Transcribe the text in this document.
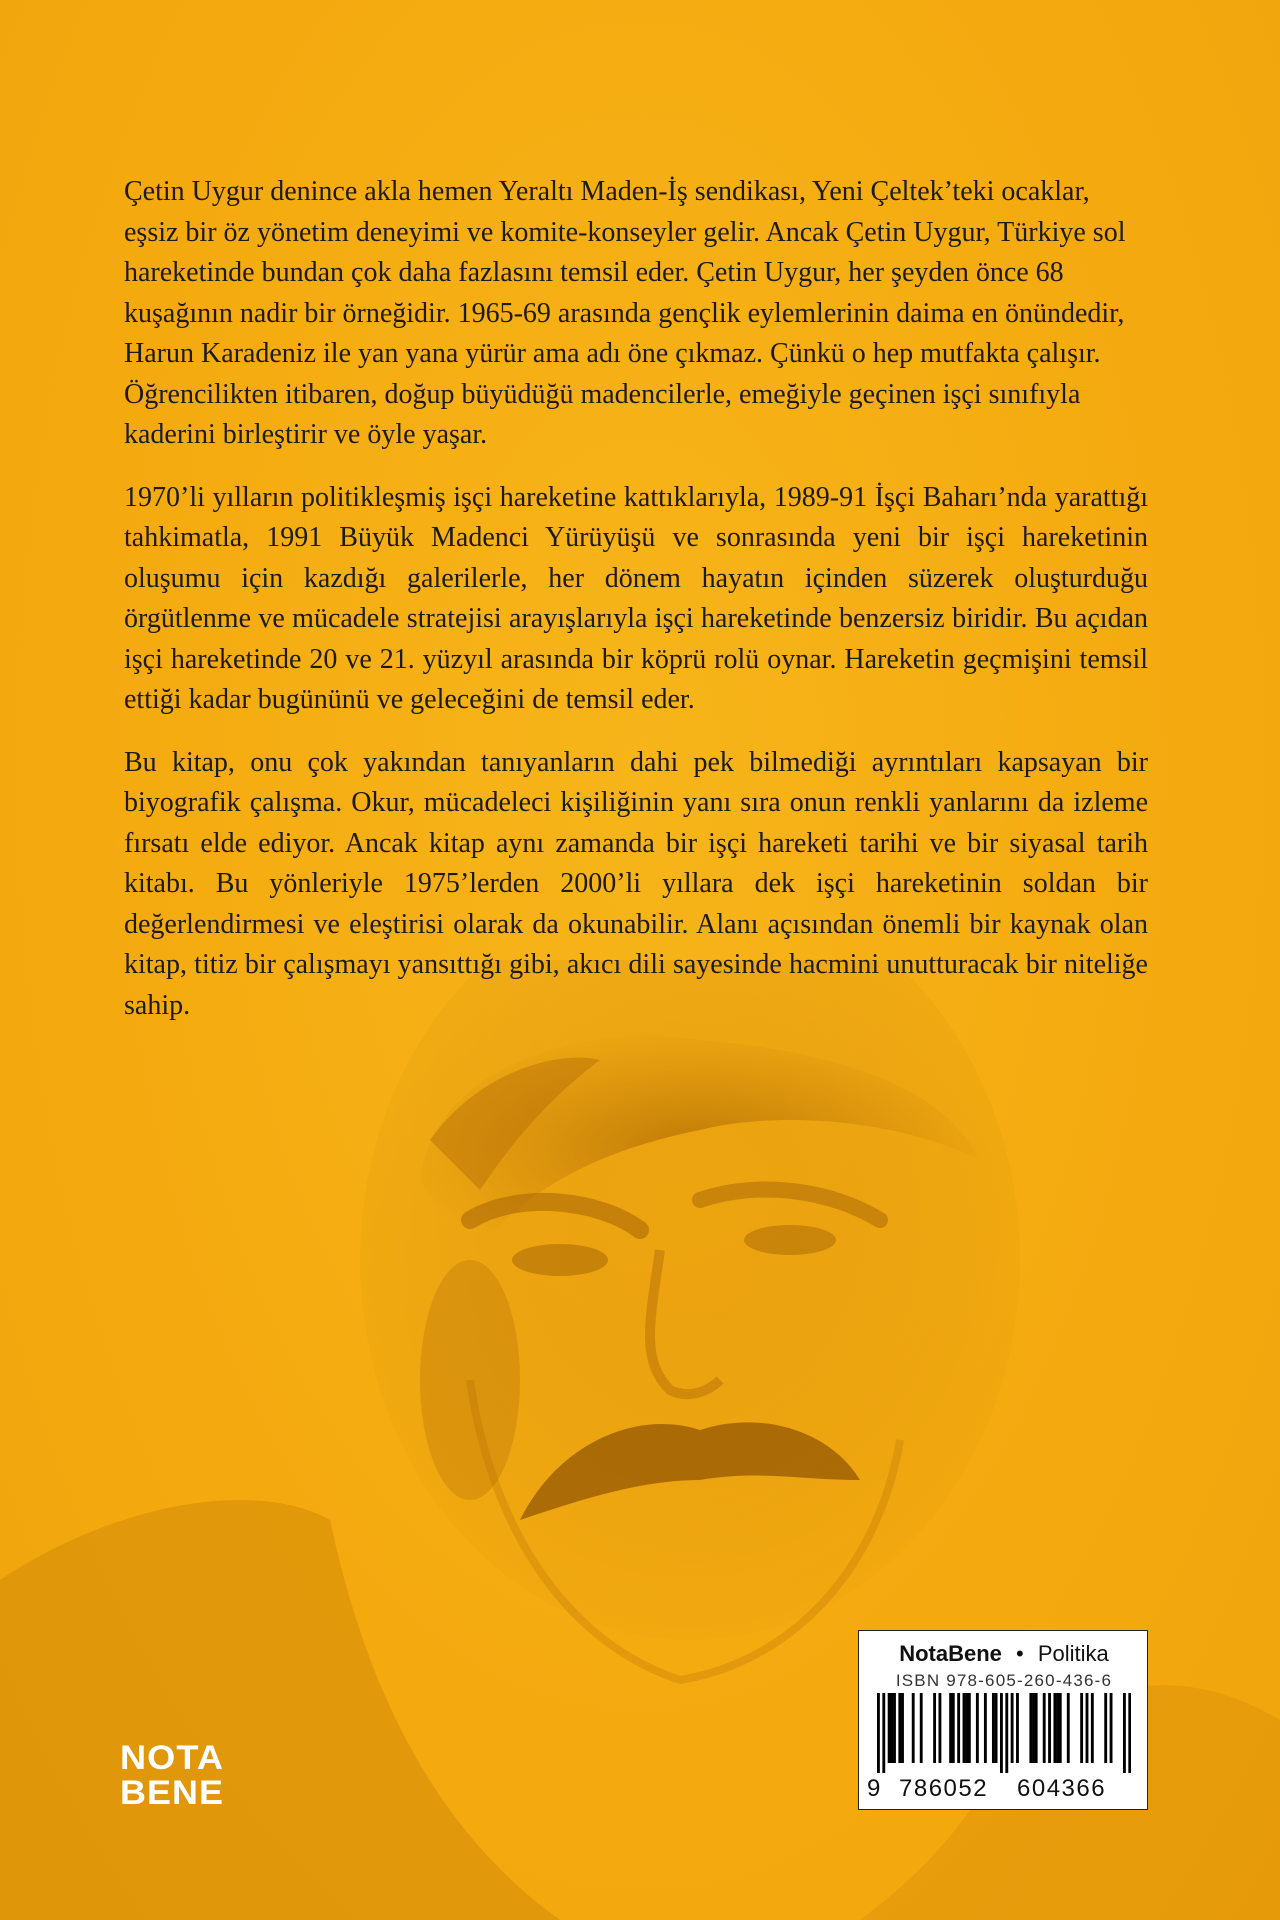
Çetin Uygur denince akla hemen Yeraltı Maden-İş sendikası, Yeni Çeltek’teki ocaklar, eşsiz bir öz yönetim deneyimi ve komite-konseyler gelir. Ancak Çetin Uygur, Türkiye sol hareketinde bundan çok daha fazlasını temsil eder. Çetin Uygur, her şeyden önce 68 kuşağının nadir bir örneğidir. 1965-69 arasında gençlik eylemlerinin daima en önündedir, Harun Karadeniz ile yan yana yürür ama adı öne çıkmaz. Çünkü o hep mutfakta çalışır. Öğrencilikten itibaren, doğup büyüdüğü madencilerle, emeğiyle geçinen işçi sınıfıyla kaderini birleştirir ve öyle yaşar.

1970’li yılların politikleşmiş işçi hareketine kattıklarıyla, 1989-91 İşçi Baharı’nda yarattığı tahkimatla, 1991 Büyük Madenci Yürüyüşü ve sonrasında yeni bir işçi hareketinin oluşumu için kazdığı galerilerle, her dönem hayatın içinden süzerek oluşturduğu örgütlenme ve mücadele stratejisi arayışlarıyla işçi hareketinde benzersiz biridir. Bu açıdan işçi hareketinde 20 ve 21. yüzyıl arasında bir köprü rolü oynar. Hareketin geçmişini temsil ettiği kadar bugününü ve geleceğini de temsil eder.

Bu kitap, onu çok yakından tanıyanların dahi pek bilmediği ayrıntıları kapsayan bir biyografik çalışma. Okur, mücadeleci kişiliğinin yanı sıra onun renkli yanlarını da izleme fırsatı elde ediyor. Ancak kitap aynı zamanda bir işçi hareketi tarihi ve bir siyasal tarih kitabı. Bu yönleriyle 1975’lerden 2000’li yıllara dek işçi hareketinin soldan bir değerlendirmesi ve eleştirisi olarak da okunabilir. Alanı açısından önemli bir kaynak olan kitap, titiz bir çalışmayı yansıttığı gibi, akıcı dili sayesinde hacmini unutturacak bir niteliğe sahip.

NOTA
BENE
NotaBene • Politika
ISBN 978-605-260-436-6
9 786052 604366
